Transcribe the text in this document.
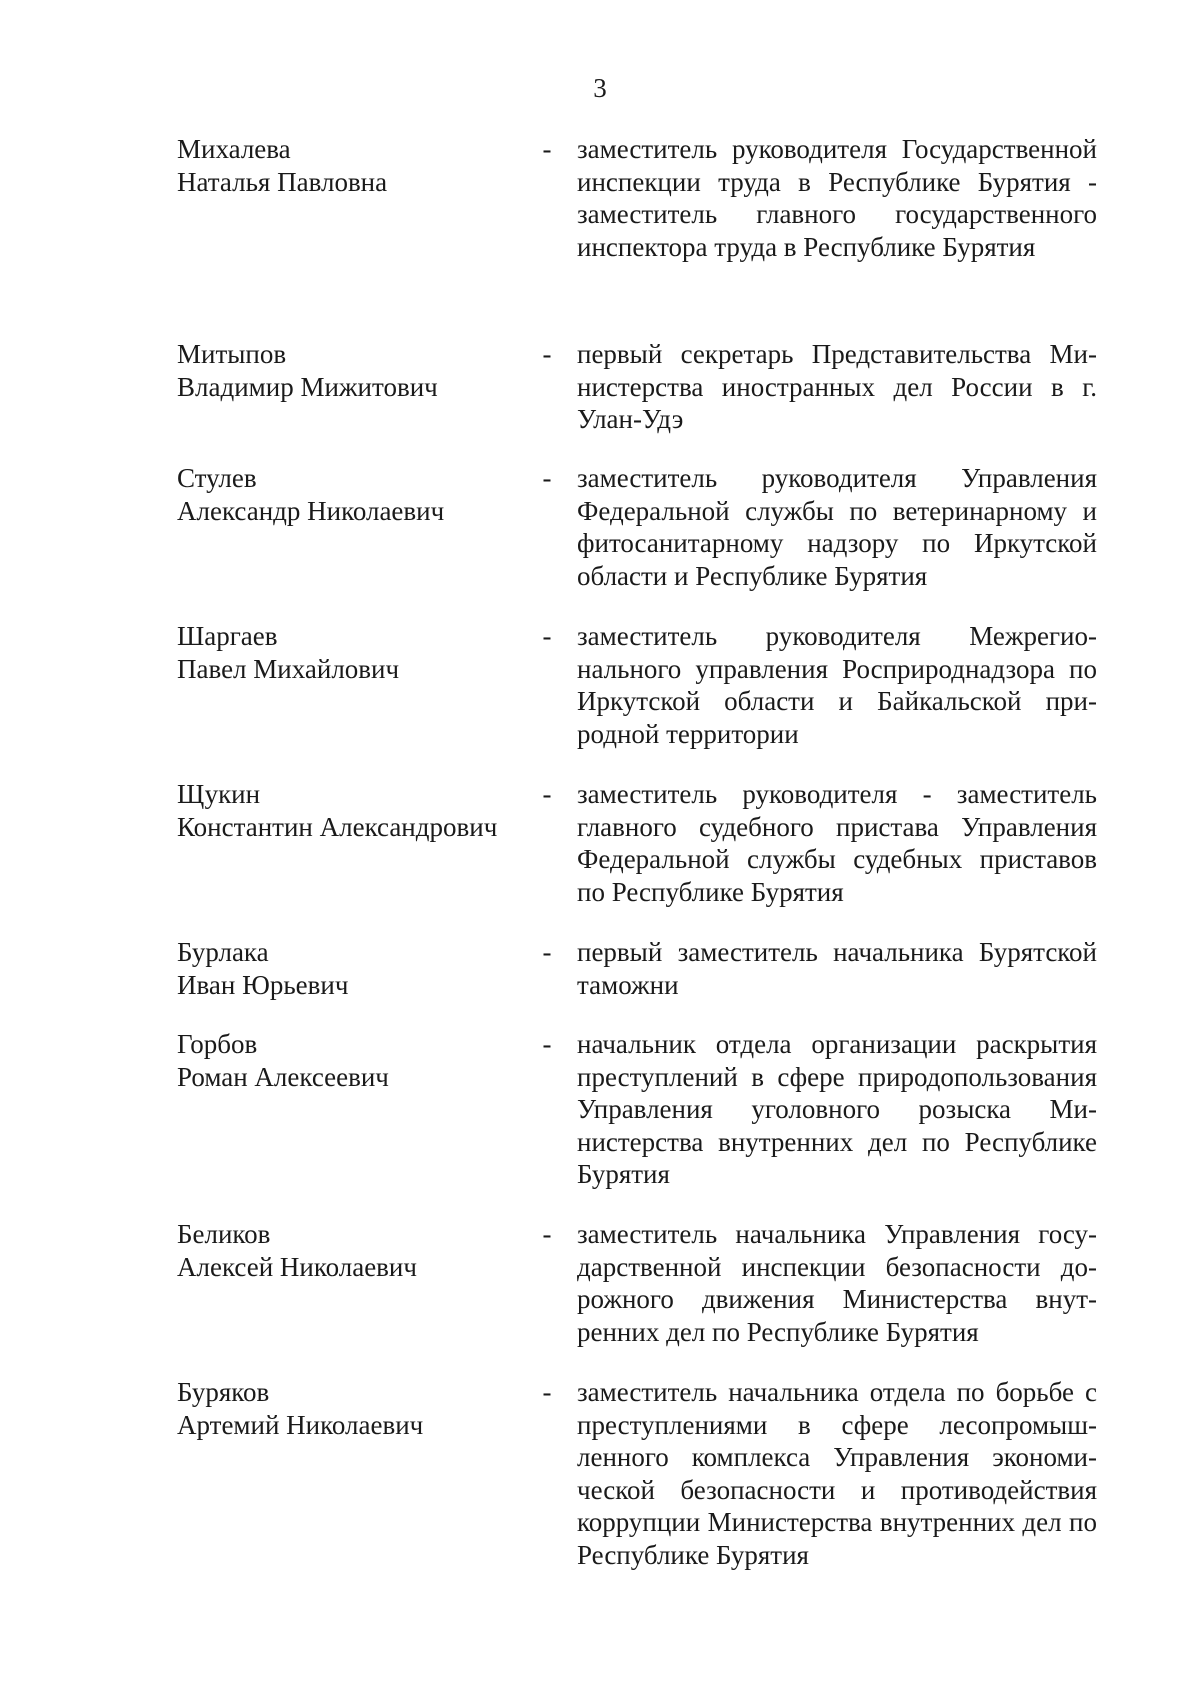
3
Михалева
Наталья Павловна
- заместитель руководителя Государственной инспекции труда в Республике Бурятия - заместитель главного государственного инспектора труда в Республике Бурятия
Митыпов
Владимир Мижитович
- первый секретарь Представительства Министерства иностранных дел России в г. Улан-Удэ
Стулев
Александр Николаевич
- заместитель руководителя Управления Федеральной службы по ветеринарному и фитосанитарному надзору по Иркутской области и Республике Бурятия
Шаргаев
Павел Михайлович
- заместитель руководителя Межрегионального управления Росприроднадзора по Иркутской области и Байкальской природной территории
Щукин
Константин Александрович
- заместитель руководителя - заместитель главного судебного пристава Управления Федеральной службы судебных приставов по Республике Бурятия
Бурлака
Иван Юрьевич
- первый заместитель начальника Бурятской таможни
Горбов
Роман Алексеевич
- начальник отдела организации раскрытия преступлений в сфере природопользования Управления уголовного розыска Министерства внутренних дел по Республике Бурятия
Беликов
Алексей Николаевич
- заместитель начальника Управления государственной инспекции безопасности дорожного движения Министерства внутренних дел по Республике Бурятия
Буряков
Артемий Николаевич
- заместитель начальника отдела по борьбе с преступлениями в сфере лесопромышленного комплекса Управления экономической безопасности и противодействия коррупции Министерства внутренних дел по Республике Бурятия
